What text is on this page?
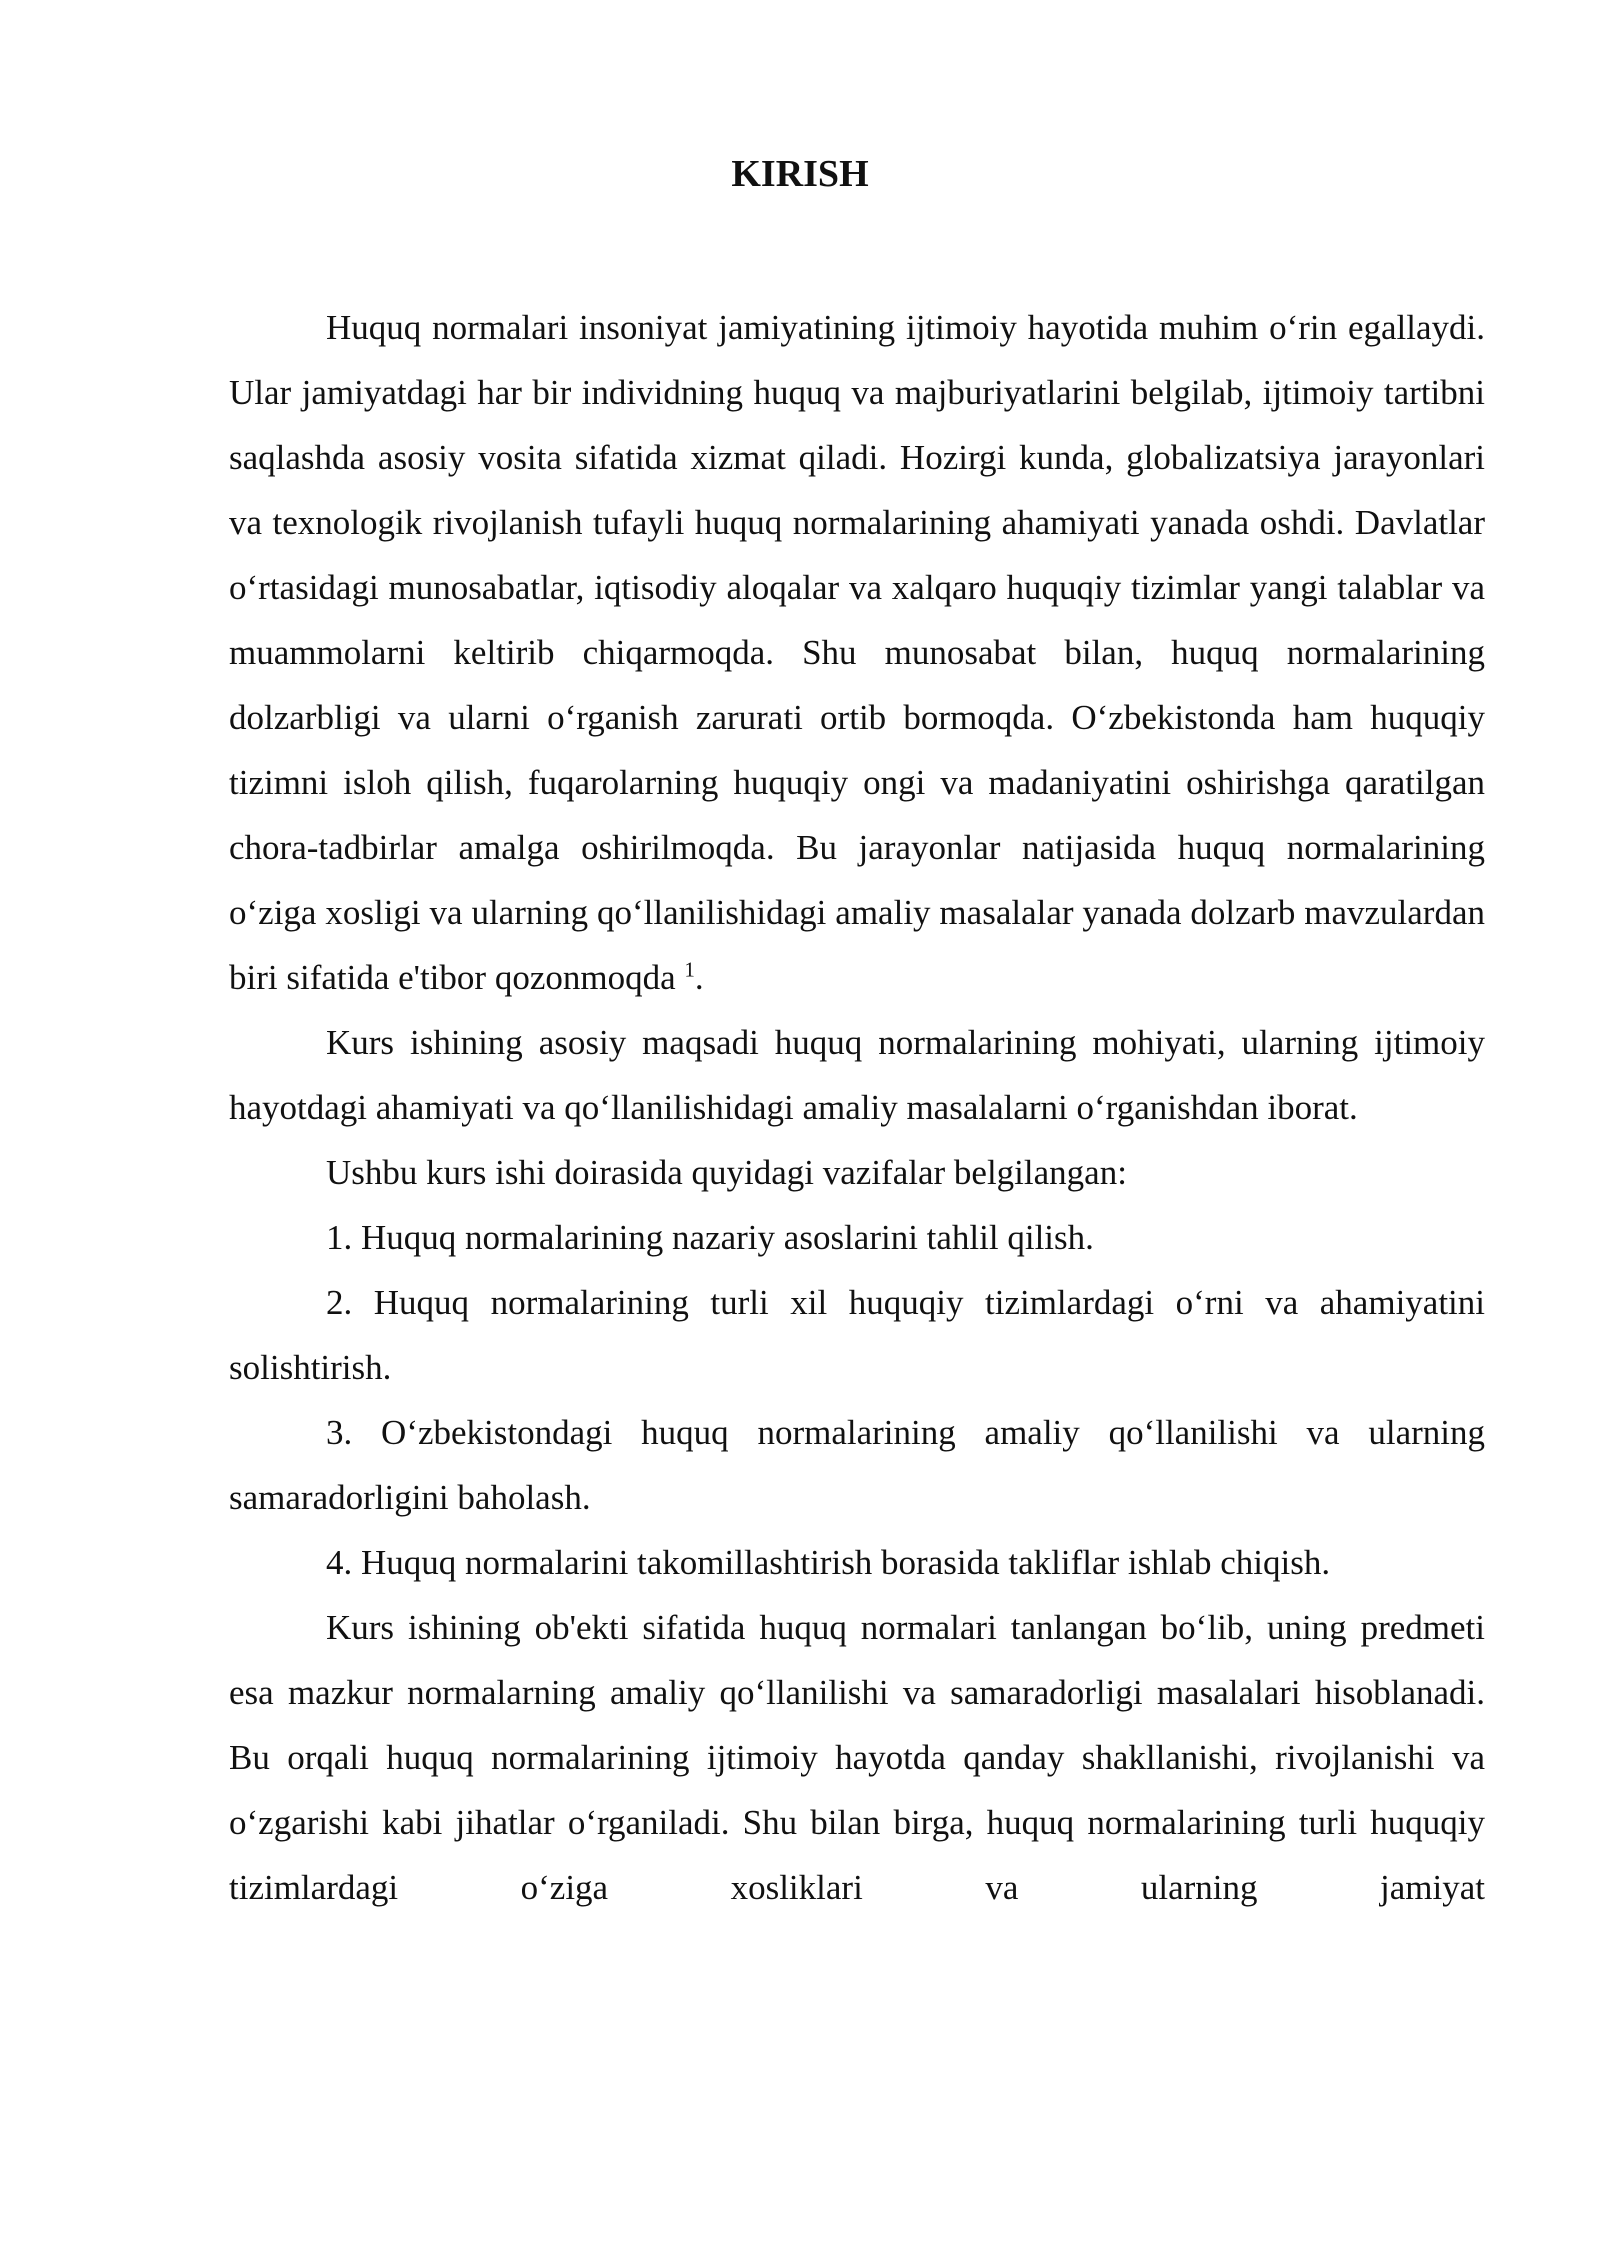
KIRISH

Huquq normalari insoniyat jamiyatining ijtimoiy hayotida muhim o‘rin egallaydi. Ular jamiyatdagi har bir individning huquq va majburiyatlarini belgilab, ijtimoiy tartibni saqlashda asosiy vosita sifatida xizmat qiladi. Hozirgi kunda, globalizatsiya jarayonlari va texnologik rivojlanish tufayli huquq normalarining ahamiyati yanada oshdi. Davlatlar o‘rtasidagi munosabatlar, iqtisodiy aloqalar va xalqaro huquqiy tizimlar yangi talablar va muammolarni keltirib chiqarmoqda. Shu munosabat bilan, huquq normalarining dolzarbligi va ularni o‘rganish zarurati ortib bormoqda. O‘zbekistonda ham huquqiy tizimni isloh qilish, fuqarolarning huquqiy ongi va madaniyatini oshirishga qaratilgan chora-tadbirlar amalga oshirilmoqda. Bu jarayonlar natijasida huquq normalarining o‘ziga xosligi va ularning qo‘llanilishidagi amaliy masalalar yanada dolzarb mavzulardan biri sifatida e'tibor qozonmoqda $^1$.

Kurs ishining asosiy maqsadi huquq normalarining mohiyati, ularning ijtimoiy hayotdagi ahamiyati va qo‘llanilishidagi amaliy masalalarni o‘rganishdan iborat.

Ushbu kurs ishi doirasida quyidagi vazifalar belgilangan:

1. Huquq normalarining nazariy asoslarini tahlil qilish.

2. Huquq normalarining turli xil huquqiy tizimlardagi o‘rni va ahamiyatini solishtirish.

3. O‘zbekistondagi huquq normalarining amaliy qo‘llanilishi va ularning samaradorligini baholash.

4. Huquq normalarini takomillashtirish borasida takliflar ishlab chiqish.

Kurs ishining ob'ekti sifatida huquq normalari tanlangan bo‘lib, uning predmeti esa mazkur normalarning amaliy qo‘llanilishi va samaradorligi masalalari hisoblanadi. Bu orqali huquq normalarining ijtimoiy hayotda qanday shakllanishi, rivojlanishi va o‘zgarishi kabi jihatlar o‘rganiladi. Shu bilan birga, huquq normalarining turli huquqiy tizimlardagi o‘ziga xosliklari va ularning jamiyat
